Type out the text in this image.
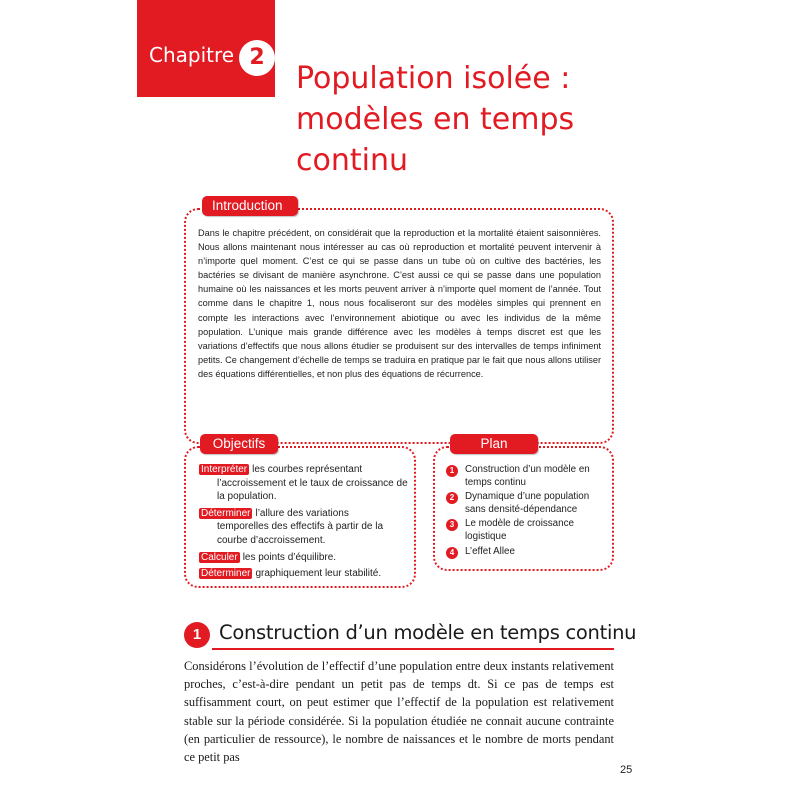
Chapitre 2
Population isolée :
modèles en temps
continu
Introduction
Dans le chapitre précédent, on considérait que la reproduction et la mortalité étaient saisonnières. Nous allons maintenant nous intéresser au cas où reproduction et mortalité peuvent intervenir à n’importe quel moment. C’est ce qui se passe dans un tube où on cultive des bactéries, les bactéries se divisant de manière asynchrone. C’est aussi ce qui se passe dans une population humaine où les naissances et les morts peuvent arriver à n’importe quel moment de l’année. Tout comme dans le chapitre 1, nous nous focaliseront sur des modèles simples qui prennent en compte les interactions avec l’environnement abiotique ou avec les individus de la même population. L’unique mais grande différence avec les modèles à temps discret est que les variations d’effectifs que nous allons étudier se produisent sur des intervalles de temps infiniment petits. Ce changement d’échelle de temps se traduira en pratique par le fait que nous allons utiliser des équations différentielles, et non plus des équations de récurrence.
Objectifs
Interpréter les courbes représentant
l’accroissement et le taux de croissance de la population.
Déterminer l’allure des variations
temporelles des effectifs à partir de la courbe d’accroissement.
Calculer les points d’équilibre.
Déterminer graphiquement leur stabilité.
Plan
1	Construction d’un modèle en temps continu
2	Dynamique d’une population sans densité-dépendance
3	Le modèle de croissance logistique
4	L’effet Allee
1 Construction d’un modèle en temps continu
Considérons l’évolution de l’effectif d’une population entre deux instants relativement proches, c’est-à-dire pendant un petit pas de temps dt. Si ce pas de temps est suffisamment court, on peut estimer que l’effectif de la population est relativement stable sur la période considérée. Si la population étudiée ne connait aucune contrainte (en particulier de ressource), le nombre de naissances et le nombre de morts pendant ce petit pas
25
